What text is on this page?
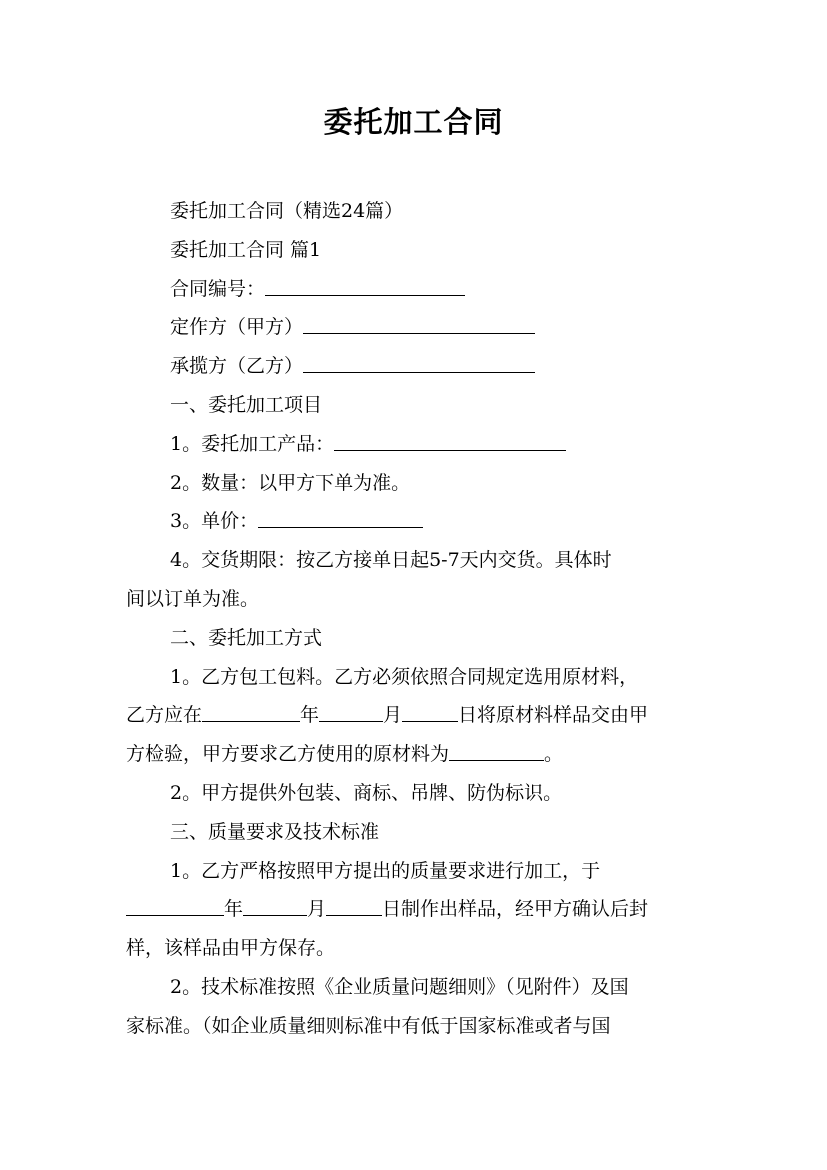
委托加工合同
委托加工合同（精选24篇）
委托加工合同 篇1
合同编号：
定作方（甲方）
承揽方（乙方）
一、委托加工项目
1。委托加工产品：
2。数量：以甲方下单为准。
3。单价：
4。交货期限：按乙方接单日起5-7天内交货。具体时
间以订单为准。
二、委托加工方式
1。乙方包工包料。乙方必须依照合同规定选用原材料，
乙方应在	年	月	日将原材料样品交由甲
方检验，甲方要求乙方使用的原材料为	。
2。甲方提供外包装、商标、吊牌、防伪标识。
三、质量要求及技术标准
1。乙方严格按照甲方提出的质量要求进行加工，于
年	月	日制作出样品，经甲方确认后封
样，该样品由甲方保存。
2。技术标准按照《企业质量问题细则》（见附件）及国
家标准。（如企业质量细则标准中有低于国家标准或者与国
